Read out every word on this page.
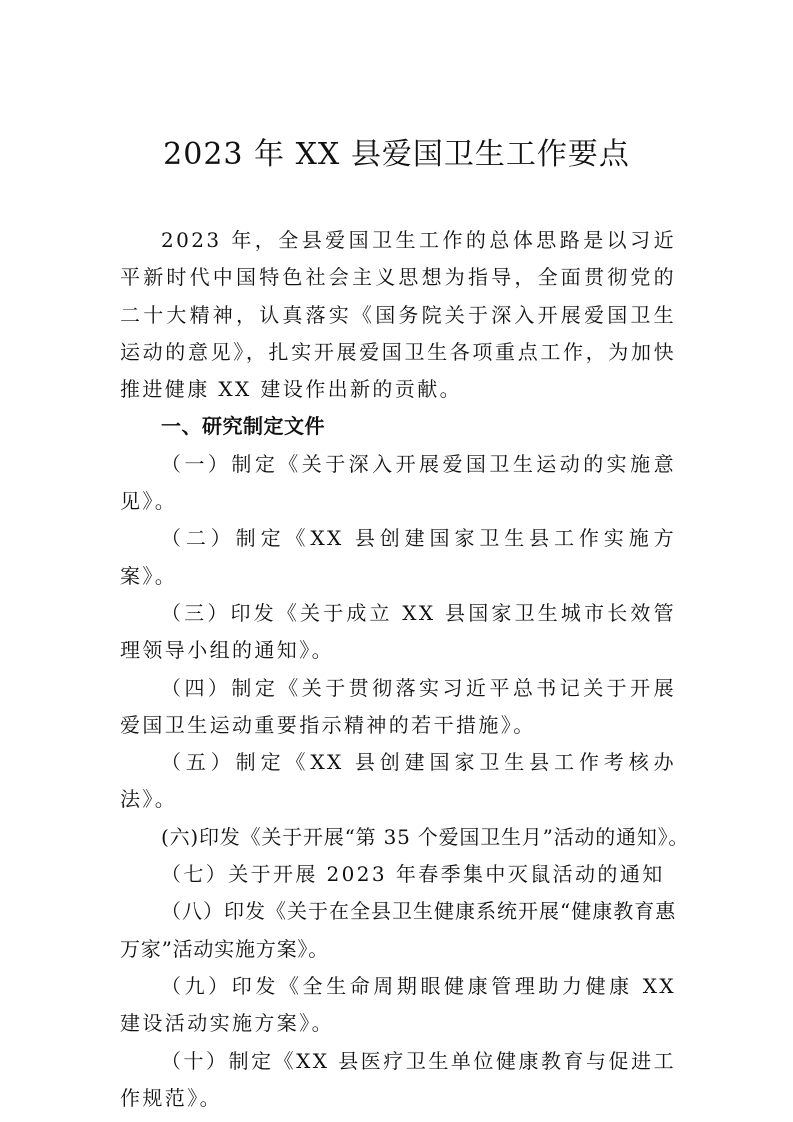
2023 年 XX 县爱国卫生工作要点

2023 年，全县爱国卫生工作的总体思路是以习近平新时代中国特色社会主义思想为指导，全面贯彻党的二十大精神，认真落实《国务院关于深入开展爱国卫生运动的意见》，扎实开展爱国卫生各项重点工作，为加快推进健康 XX 建设作出新的贡献。

一、研究制定文件

（一）制定《关于深入开展爱国卫生运动的实施意见》。

（二）制定《XX 县创建国家卫生县工作实施方案》。

（三）印发《关于成立 XX 县国家卫生城市长效管理领导小组的通知》。

（四）制定《关于贯彻落实习近平总书记关于开展爱国卫生运动重要指示精神的若干措施》。

（五）制定《XX 县创建国家卫生县工作考核办法》。

(六)印发《关于开展“第 35 个爱国卫生月”活动的通知》。

（七）关于开展 2023 年春季集中灭鼠活动的通知

（八）印发《关于在全县卫生健康系统开展“健康教育惠万家”活动实施方案》。

（九）印发《全生命周期眼健康管理助力健康 XX 建设活动实施方案》。

（十）制定《XX 县医疗卫生单位健康教育与促进工作规范》。
